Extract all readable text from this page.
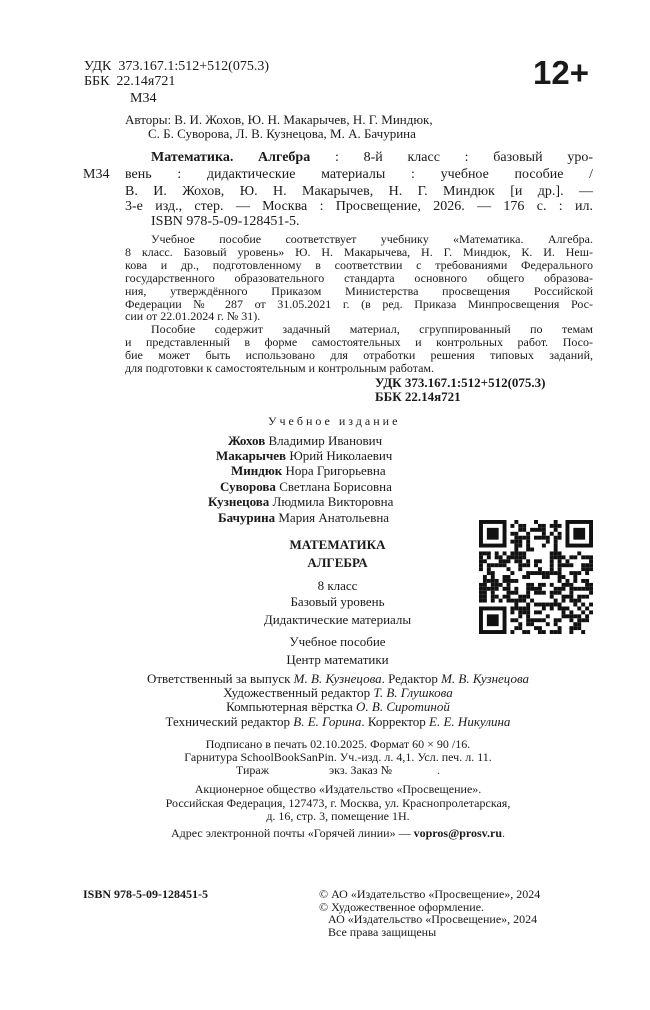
УДК  373.167.1:512+512(075.3)
ББК  22.14я721
М34
12+
Авторы: В. И. Жохов, Ю. Н. Макарычев, Н. Г. Миндюк,
С. Б. Суворова, Л. В. Кузнецова, М. А. Бачурина
М34
Математика. Алгебра : 8-й класс : базовый уро-
вень : дидактические материалы : учебное пособие /
В. И. Жохов, Ю. Н. Макарычев, Н. Г. Миндюк [и др.]. —
3-е изд., стер. — Москва : Просвещение, 2026. — 176 с. : ил.
ISBN 978-5-09-128451-5.
Учебное пособие соответствует учебнику «Математика. Алгебра.
8 класс. Базовый уровень» Ю. Н. Макарычева, Н. Г. Миндюк, К. И. Неш-
кова и др., подготовленному в соответствии с требованиями Федерального
государственного образовательного стандарта основного общего образова-
ния, утверждённого Приказом Министерства просвещения Российской
Федерации № 287 от 31.05.2021 г. (в ред. Приказа Минпросвещения Рос-
сии от 22.01.2024 г. № 31).
Пособие содержит задачный материал, сгруппированный по темам
и представленный в форме самостоятельных и контрольных работ. Посо-
бие может быть использовано для отработки решения типовых заданий,
для подготовки к самостоятельным и контрольным работам.
УДК 373.167.1:512+512(075.3)
ББК 22.14я721
Учебное издание
Жохов Владимир Иванович
Макарычев Юрий Николаевич
Миндюк Нора Григорьевна
Суворова Светлана Борисовна
Кузнецова Людмила Викторовна
Бачурина Мария Анатольевна
МАТЕМАТИКА
АЛГЕБРА
8 класс
Базовый уровень
Дидактические материалы
Учебное пособие
Центр математики
Ответственный за выпуск М. В. Кузнецова. Редактор М. В. Кузнецова
Художественный редактор Т. В. Глушкова
Компьютерная вёрстка О. В. Сиротиной
Технический редактор В. Е. Горина. Корректор Е. Е. Никулина
Подписано в печать 02.10.2025. Формат 60 × 90 /16.
Гарнитура SchoolBookSanPin. Уч.-изд. л. 4,1. Усл. печ. л. 11.
Тираж                    экз. Заказ №               .
Акционерное общество «Издательство «Просвещение».
Российская Федерация, 127473, г. Москва, ул. Краснопролетарская,
д. 16, стр. 3, помещение 1Н.
Адрес электронной почты «Горячей линии» — vopros@prosv.ru.
ISBN 978-5-09-128451-5	© АО «Издательство «Просвещение», 2024
© Художественное оформление.
АО «Издательство «Просвещение», 2024
Все права защищены
